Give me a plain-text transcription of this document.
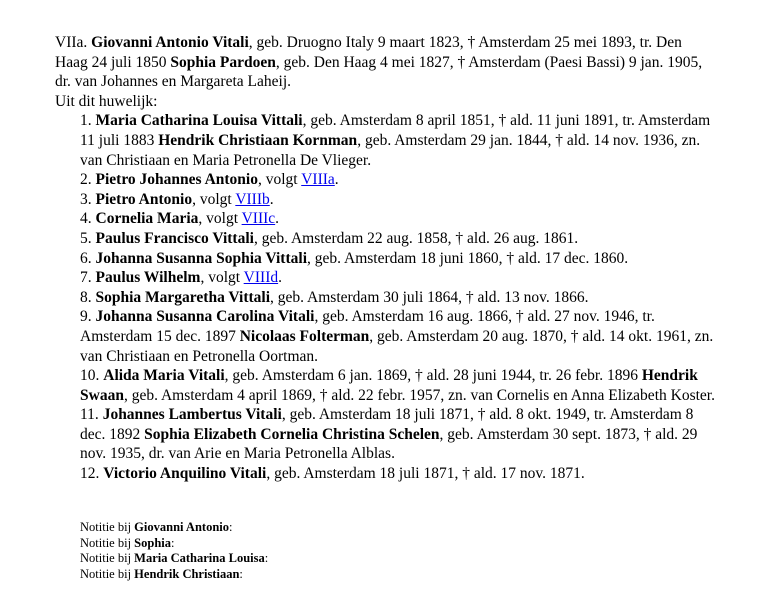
VIIa. Giovanni Antonio Vitali, geb. Druogno Italy 9 maart 1823, † Amsterdam 25 mei 1893, tr. Den Haag 24 juli 1850 Sophia Pardoen, geb. Den Haag 4 mei 1827, † Amsterdam (Paesi Bassi) 9 jan. 1905, dr. van Johannes en Margareta Laheij.

Uit dit huwelijk:

1. Maria Catharina Louisa Vittali, geb. Amsterdam 8 april 1851, † ald. 11 juni 1891, tr. Amsterdam 11 juli 1883 Hendrik Christiaan Kornman, geb. Amsterdam 29 jan. 1844, † ald. 14 nov. 1936, zn. van Christiaan en Maria Petronella De Vlieger.
2. Pietro Johannes Antonio, volgt VIIIa.
3. Pietro Antonio, volgt VIIIb.
4. Cornelia Maria, volgt VIIIc.
5. Paulus Francisco Vittali, geb. Amsterdam 22 aug. 1858, † ald. 26 aug. 1861.
6. Johanna Susanna Sophia Vittali, geb. Amsterdam 18 juni 1860, † ald. 17 dec. 1860.
7. Paulus Wilhelm, volgt VIIId.
8. Sophia Margaretha Vittali, geb. Amsterdam 30 juli 1864, † ald. 13 nov. 1866.
9. Johanna Susanna Carolina Vitali, geb. Amsterdam 16 aug. 1866, † ald. 27 nov. 1946, tr. Amsterdam 15 dec. 1897 Nicolaas Folterman, geb. Amsterdam 20 aug. 1870, † ald. 14 okt. 1961, zn. van Christiaan en Petronella Oortman.
10. Alida Maria Vitali, geb. Amsterdam 6 jan. 1869, † ald. 28 juni 1944, tr. 26 febr. 1896 Hendrik Swaan, geb. Amsterdam 4 april 1869, † ald. 22 febr. 1957, zn. van Cornelis en Anna Elizabeth Koster.
11. Johannes Lambertus Vitali, geb. Amsterdam 18 juli 1871, † ald. 8 okt. 1949, tr. Amsterdam 8 dec. 1892 Sophia Elizabeth Cornelia Christina Schelen, geb. Amsterdam 30 sept. 1873, † ald. 29 nov. 1935, dr. van Arie en Maria Petronella Alblas.
12. Victorio Anquilino Vitali, geb. Amsterdam 18 juli 1871, † ald. 17 nov. 1871.
Notitie bij Giovanni Antonio:
Notitie bij Sophia:
Notitie bij Maria Catharina Louisa:
Notitie bij Hendrik Christiaan:
